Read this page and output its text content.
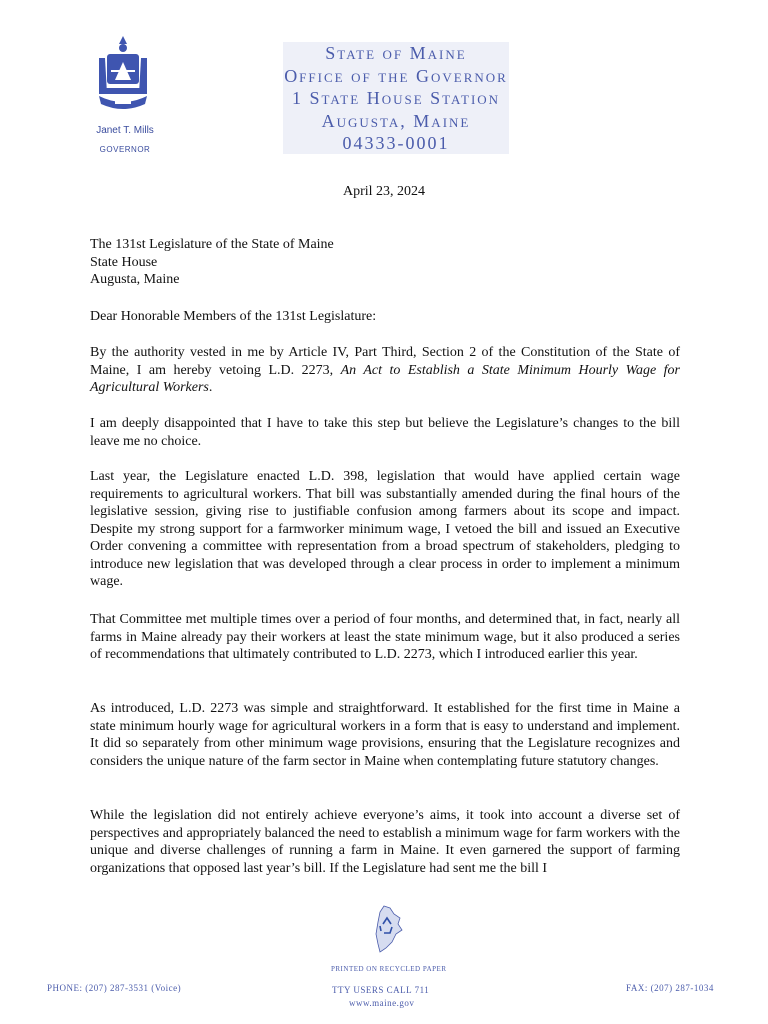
Janet T. Mills
GOVERNOR

State of Maine

Office of the Governor

1 State House Station

Augusta, Maine

04333-0001

April 23, 2024

The 131st Legislature of the State of Maine

State House

Augusta, Maine

Dear Honorable Members of the 131st Legislature:

By the authority vested in me by Article IV, Part Third, Section 2 of the Constitution of the State of Maine, I am hereby vetoing L.D. 2273, An Act to Establish a State Minimum Hourly Wage for Agricultural Workers.

I am deeply disappointed that I have to take this step but believe the Legislature’s changes to the bill leave me no choice.

Last year, the Legislature enacted L.D. 398, legislation that would have applied certain wage requirements to agricultural workers. That bill was substantially amended during the final hours of the legislative session, giving rise to justifiable confusion among farmers about its scope and impact. Despite my strong support for a farmworker minimum wage, I vetoed the bill and issued an Executive Order convening a committee with representation from a broad spectrum of stakeholders, pledging to introduce new legislation that was developed through a clear process in order to implement a minimum wage.

That Committee met multiple times over a period of four months, and determined that, in fact, nearly all farms in Maine already pay their workers at least the state minimum wage, but it also produced a series of recommendations that ultimately contributed to L.D. 2273, which I introduced earlier this year.

As introduced, L.D. 2273 was simple and straightforward. It established for the first time in Maine a state minimum hourly wage for agricultural workers in a form that is easy to understand and implement. It did so separately from other minimum wage provisions, ensuring that the Legislature recognizes and considers the unique nature of the farm sector in Maine when contemplating future statutory changes.

While the legislation did not entirely achieve everyone’s aims, it took into account a diverse set of perspectives and appropriately balanced the need to establish a minimum wage for farm workers with the unique and diverse challenges of running a farm in Maine. It even garnered the support of farming organizations that opposed last year’s bill. If the Legislature had sent me the bill I

PRINTED ON RECYCLED PAPER
PHONE: (207) 287-3531 (Voice)	TTY USERS CALL 711
www.maine.gov
FAX: (207) 287-1034
